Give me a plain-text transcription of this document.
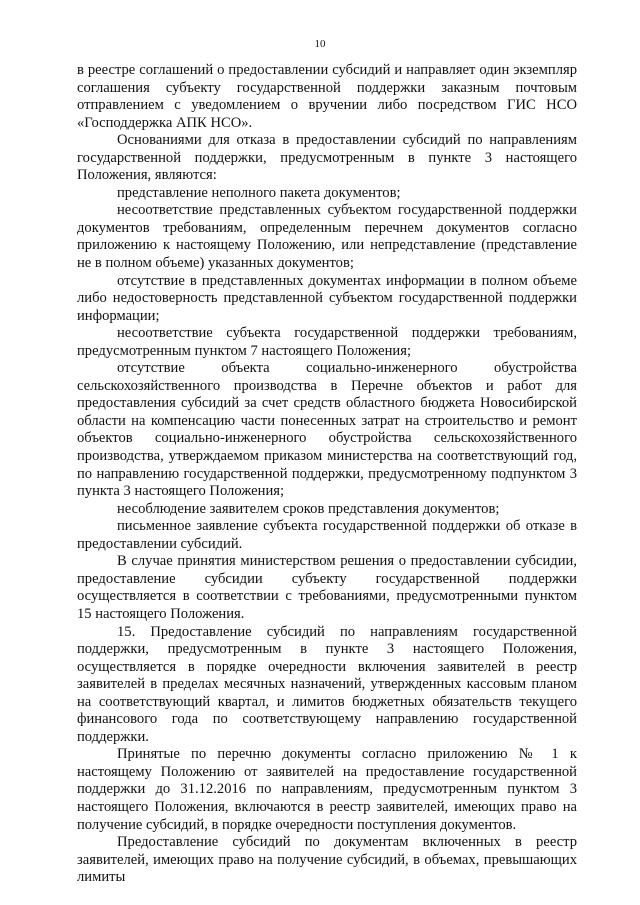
10

в реестре соглашений о предоставлении субсидий и направляет один экземпляр соглашения субъекту государственной поддержки заказным почтовым отправлением с уведомлением о вручении либо посредством ГИС НСО «Господдержка АПК НСО».

Основаниями для отказа в предоставлении субсидий по направлениям государственной поддержки, предусмотренным в пункте 3 настоящего Положения, являются:

представление неполного пакета документов;

несоответствие представленных субъектом государственной поддержки документов требованиям, определенным перечнем документов согласно приложению к настоящему Положению, или непредставление (представление не в полном объеме) указанных документов;

отсутствие в представленных документах информации в полном объеме либо недостоверность представленной субъектом государственной поддержки информации;

несоответствие субъекта государственной поддержки требованиям, предусмотренным пунктом 7 настоящего Положения;

отсутствие объекта социально-инженерного обустройства сельскохозяйственного производства в Перечне объектов и работ для предоставления субсидий за счет средств областного бюджета Новосибирской области на компенсацию части понесенных затрат на строительство и ремонт объектов социально-инженерного обустройства сельскохозяйственного производства, утверждаемом приказом министерства на соответствующий год, по направлению государственной поддержки, предусмотренному подпунктом 3 пункта 3 настоящего Положения;

несоблюдение заявителем сроков представления документов;

письменное заявление субъекта государственной поддержки об отказе в предоставлении субсидий.

В случае принятия министерством решения о предоставлении субсидии, предоставление субсидии субъекту государственной поддержки осуществляется в соответствии с требованиями, предусмотренными пунктом 15 настоящего Положения.

15. Предоставление субсидий по направлениям государственной поддержки, предусмотренным в пункте 3 настоящего Положения, осуществляется в порядке очередности включения заявителей в реестр заявителей в пределах месячных назначений, утвержденных кассовым планом на соответствующий квартал, и лимитов бюджетных обязательств текущего финансового года по соответствующему направлению государственной поддержки.

Принятые по перечню документы согласно приложению № 1 к настоящему Положению от заявителей на предоставление государственной поддержки до 31.12.2016 по направлениям, предусмотренным пунктом 3 настоящего Положения, включаются в реестр заявителей, имеющих право на получение субсидий, в порядке очередности поступления документов.

Предоставление субсидий по документам включенных в реестр заявителей, имеющих право на получение субсидий, в объемах, превышающих лимиты
